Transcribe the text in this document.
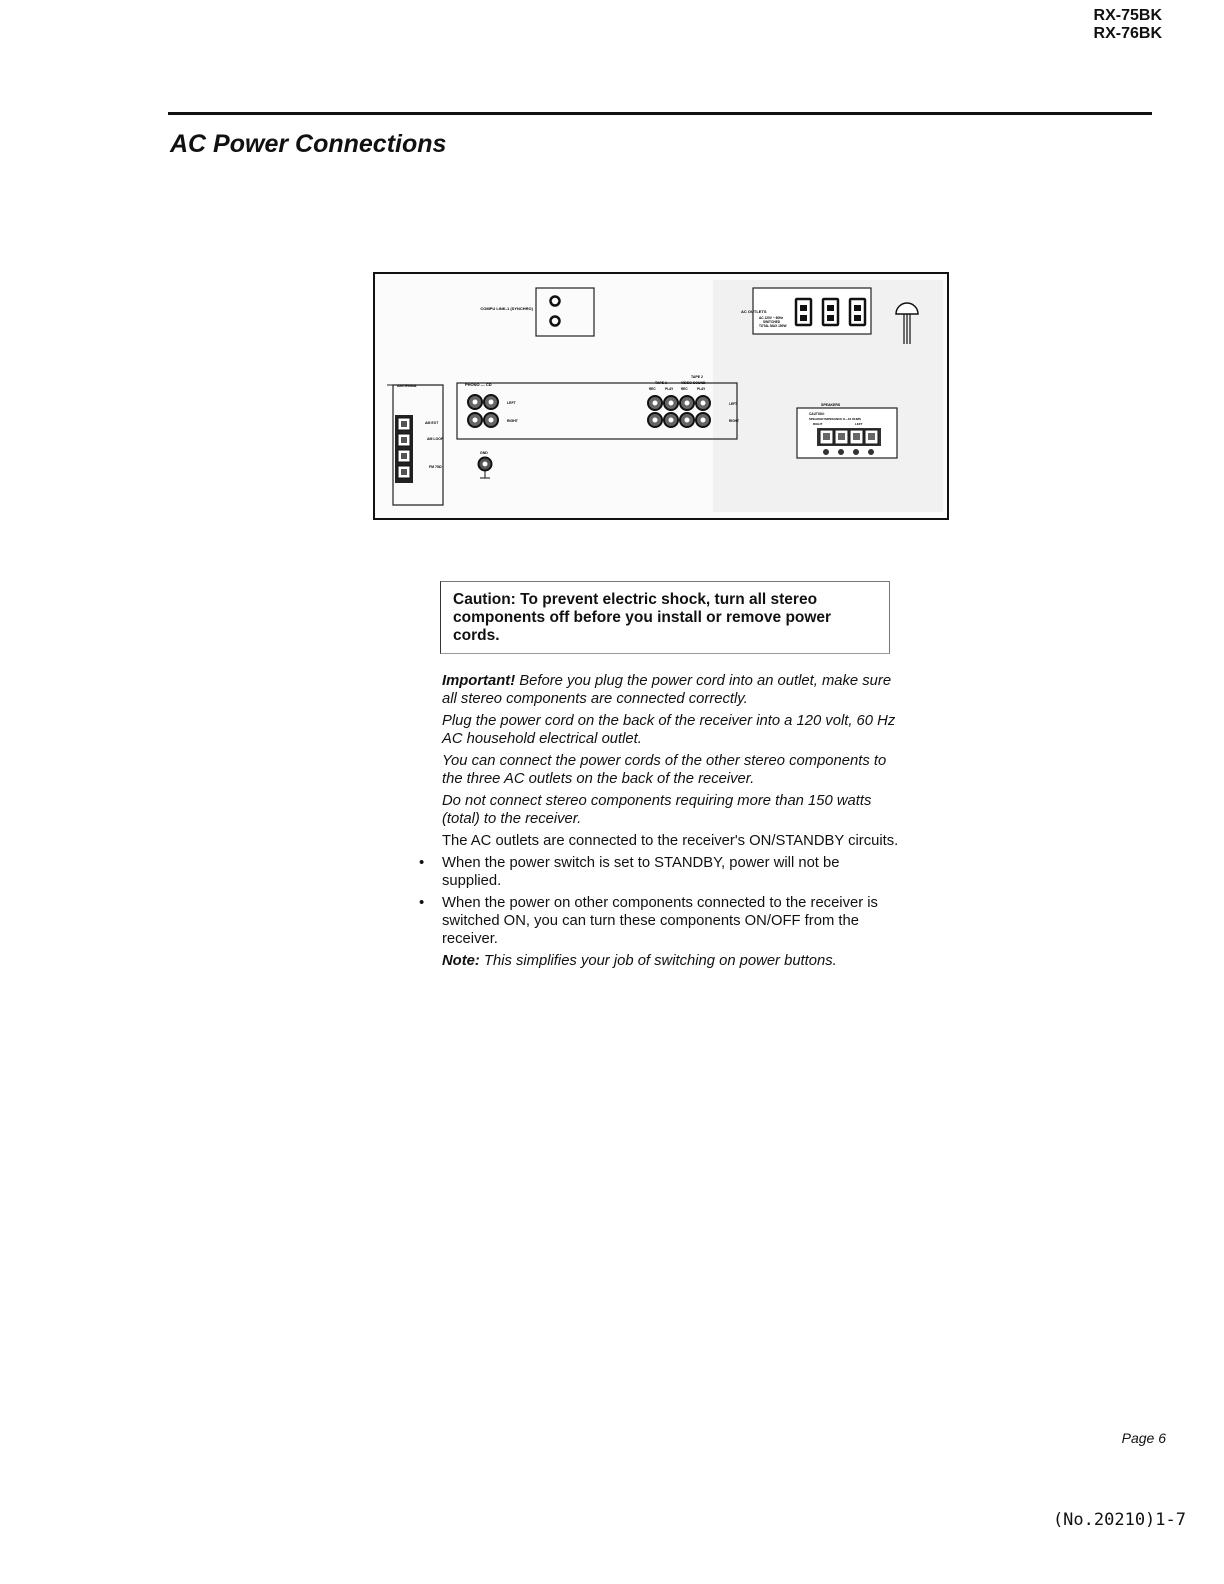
RX-75BK
RX-76BK
AC Power Connections
COMPU LINK-1 (SYNCHRO)
AC OUTLETS
AC 120V ~ 60Hz
SWITCHED
TOTAL MAX 150W
ANTENNA
AM EXT
AM LOOP
FM 75Ω
PHONO — CD
LEFT
RIGHT
TAPE 2
TAPE 1	VIDEO SOUND
REC	PLAY REC	PLAY
LEFT
RIGHT
GND
SPEAKERS
CAUTION:
SPEAKER IMPEDANCE 8—16 OHMS
RIGHT	LEFT
Caution: To prevent electric shock, turn all stereo components off before you install or remove power cords.

Important! Before you plug the power cord into an outlet, make sure all stereo components are connected correctly.

Plug the power cord on the back of the receiver into a 120 volt, 60 Hz AC household electrical outlet.

You can connect the power cords of the other stereo components to the three AC outlets on the back of the receiver.

Do not connect stereo components requiring more than 150 watts (total) to the receiver.

The AC outlets are connected to the receiver's ON/STANDBY circuits.

• When the power switch is set to STANDBY, power will not be supplied.

• When the power on other components connected to the receiver is switched ON, you can turn these components ON/OFF from the receiver.

Note: This simplifies your job of switching on power buttons.

Page 6
(No.20210)1-7
